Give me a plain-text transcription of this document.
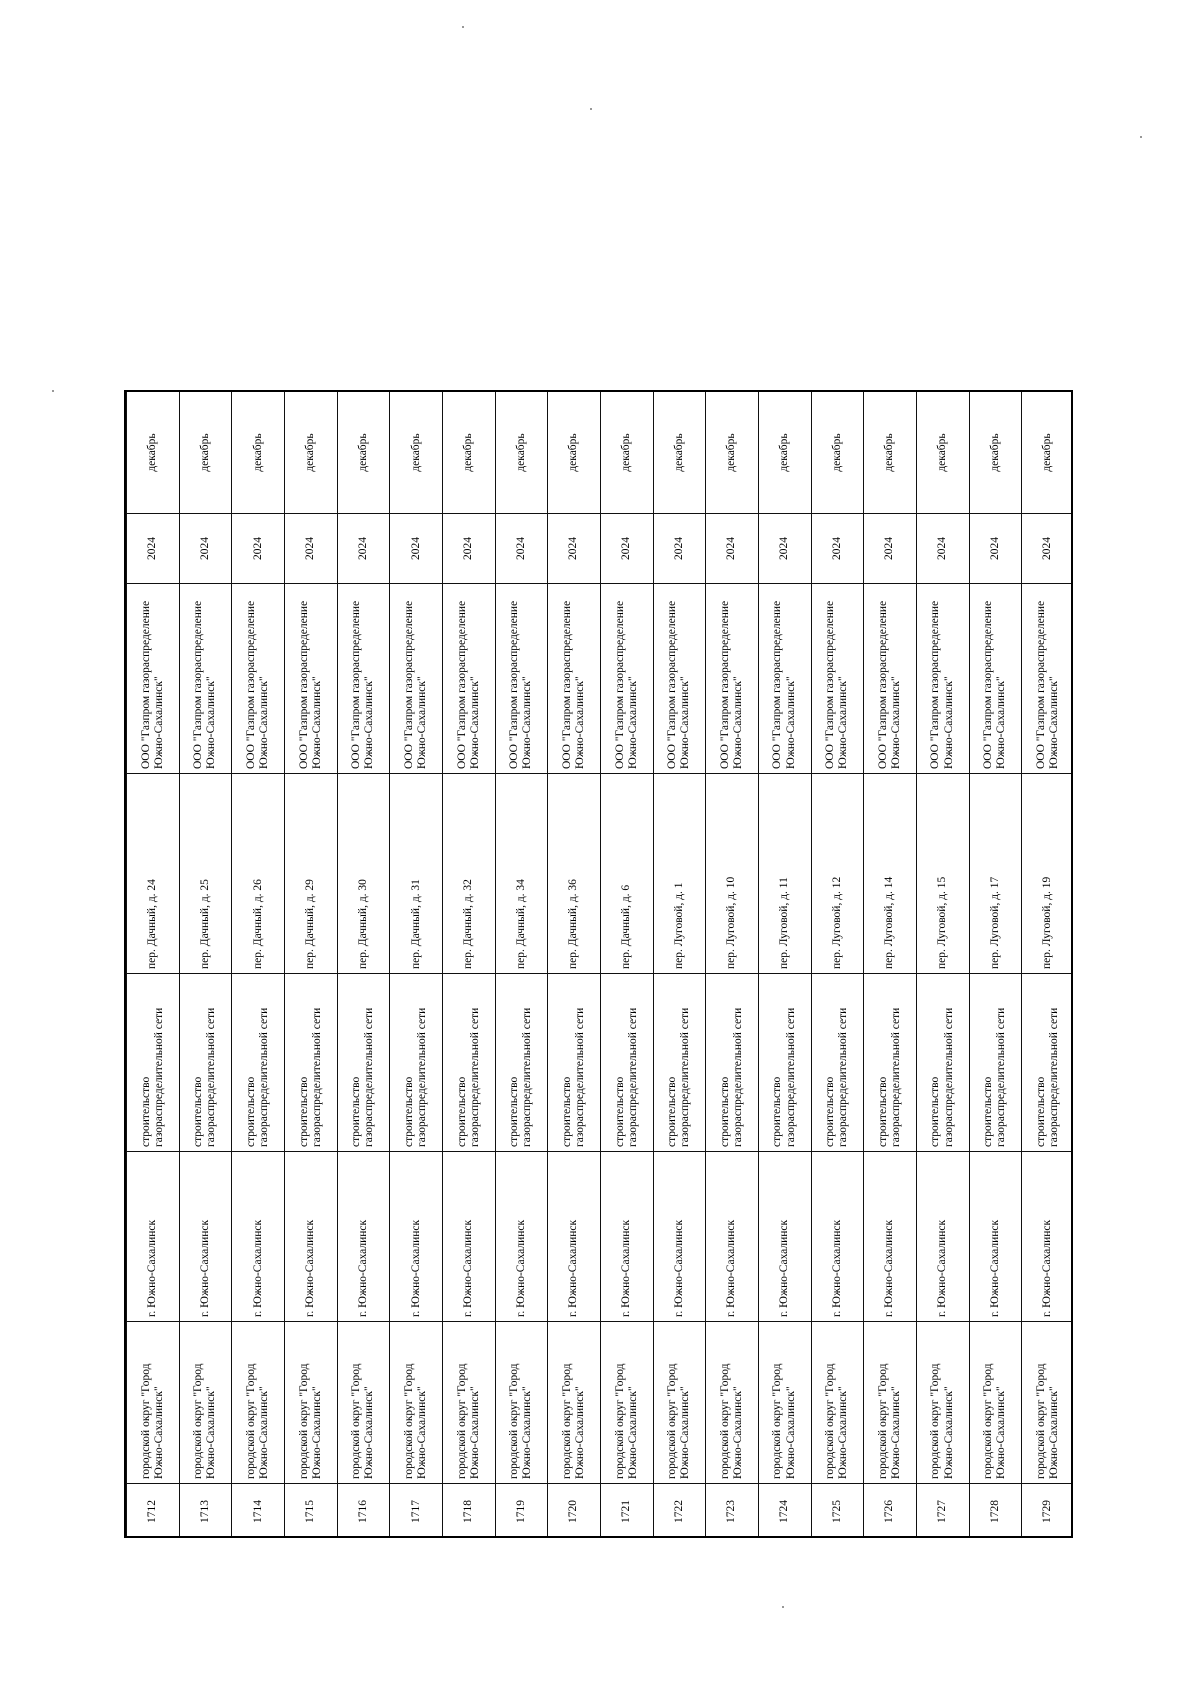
1712	городской округ "Город Южно-Сахалинск"	г. Южно-Сахалинск	строительство газораспределительной сети	пер. Дачный, д. 24	ООО "Газпром газораспределение Южно-Сахалинск"	2024	декабрь
1713	городской округ "Город Южно-Сахалинск"	г. Южно-Сахалинск	строительство газораспределительной сети	пер. Дачный, д. 25	ООО "Газпром газораспределение Южно-Сахалинск"	2024	декабрь
1714	городской округ "Город Южно-Сахалинск"	г. Южно-Сахалинск	строительство газораспределительной сети	пер. Дачный, д. 26	ООО "Газпром газораспределение Южно-Сахалинск"	2024	декабрь
1715	городской округ "Город Южно-Сахалинск"	г. Южно-Сахалинск	строительство газораспределительной сети	пер. Дачный, д. 29	ООО "Газпром газораспределение Южно-Сахалинск"	2024	декабрь
1716	городской округ "Город Южно-Сахалинск"	г. Южно-Сахалинск	строительство газораспределительной сети	пер. Дачный, д. 30	ООО "Газпром газораспределение Южно-Сахалинск"	2024	декабрь
1717	городской округ "Город Южно-Сахалинск"	г. Южно-Сахалинск	строительство газораспределительной сети	пер. Дачный, д. 31	ООО "Газпром газораспределение Южно-Сахалинск"	2024	декабрь
1718	городской округ "Город Южно-Сахалинск"	г. Южно-Сахалинск	строительство газораспределительной сети	пер. Дачный, д. 32	ООО "Газпром газораспределение Южно-Сахалинск"	2024	декабрь
1719	городской округ "Город Южно-Сахалинск"	г. Южно-Сахалинск	строительство газораспределительной сети	пер. Дачный, д. 34	ООО "Газпром газораспределение Южно-Сахалинск"	2024	декабрь
1720	городской округ "Город Южно-Сахалинск"	г. Южно-Сахалинск	строительство газораспределительной сети	пер. Дачный, д. 36	ООО "Газпром газораспределение Южно-Сахалинск"	2024	декабрь
1721	городской округ "Город Южно-Сахалинск"	г. Южно-Сахалинск	строительство газораспределительной сети	пер. Дачный, д. 6	ООО "Газпром газораспределение Южно-Сахалинск"	2024	декабрь
1722	городской округ "Город Южно-Сахалинск"	г. Южно-Сахалинск	строительство газораспределительной сети	пер. Луговой, д. 1	ООО "Газпром газораспределение Южно-Сахалинск"	2024	декабрь
1723	городской округ "Город Южно-Сахалинск"	г. Южно-Сахалинск	строительство газораспределительной сети	пер. Луговой, д. 10	ООО "Газпром газораспределение Южно-Сахалинск"	2024	декабрь
1724	городской округ "Город Южно-Сахалинск"	г. Южно-Сахалинск	строительство газораспределительной сети	пер. Луговой, д. 11	ООО "Газпром газораспределение Южно-Сахалинск"	2024	декабрь
1725	городской округ "Город Южно-Сахалинск"	г. Южно-Сахалинск	строительство газораспределительной сети	пер. Луговой, д. 12	ООО "Газпром газораспределение Южно-Сахалинск"	2024	декабрь
1726	городской округ "Город Южно-Сахалинск"	г. Южно-Сахалинск	строительство газораспределительной сети	пер. Луговой, д. 14	ООО "Газпром газораспределение Южно-Сахалинск"	2024	декабрь
1727	городской округ "Город Южно-Сахалинск"	г. Южно-Сахалинск	строительство газораспределительной сети	пер. Луговой, д. 15	ООО "Газпром газораспределение Южно-Сахалинск"	2024	декабрь
1728	городской округ "Город Южно-Сахалинск"	г. Южно-Сахалинск	строительство газораспределительной сети	пер. Луговой, д. 17	ООО "Газпром газораспределение Южно-Сахалинск"	2024	декабрь
1729	городской округ "Город Южно-Сахалинск"	г. Южно-Сахалинск	строительство газораспределительной сети	пер. Луговой, д. 19	ООО "Газпром газораспределение Южно-Сахалинск"	2024	декабрь
